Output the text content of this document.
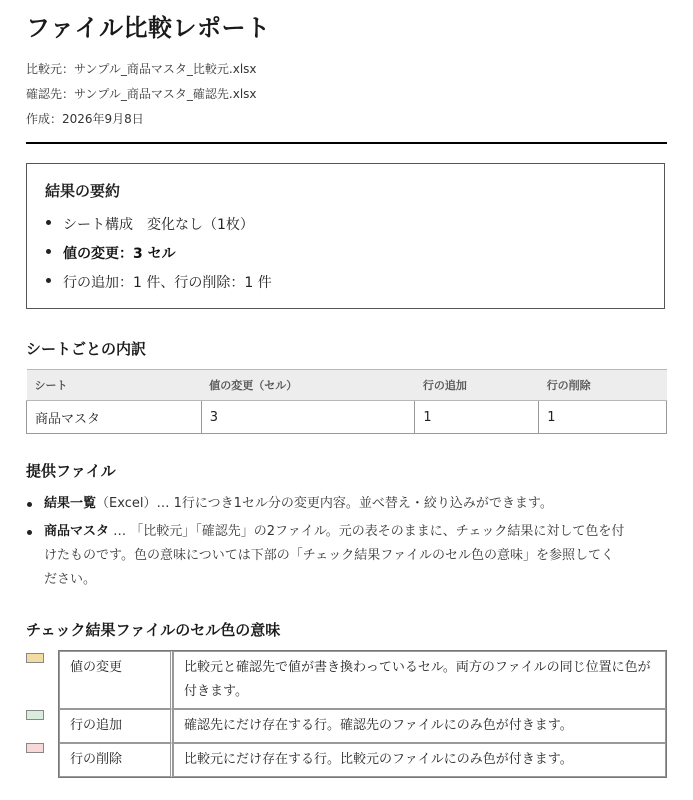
ファイル比較レポート
比較元：サンプル_商品マスタ_比較元.xlsx
確認先：サンプル_商品マスタ_確認先.xlsx
作成：2026年9月8日
結果の要約
シート構成　変化なし（1枚）
値の変更：3 セル
行の追加：1 件、行の削除：1 件
シートごとの内訳
シート	値の変更（セル）	行の追加	行の削除
商品マスタ	3	1	1
提供ファイル
結果一覧（Excel）… 1行につき1セル分の変更内容。並べ替え・絞り込みができます。
商品マスタ … 「比較元」「確認先」の2ファイル。元の表そのままに、チェック結果に対して色を付
けたものです。色の意味については下部の「チェック結果ファイルのセル色の意味」を参照してく
ださい。
チェック結果ファイルのセル色の意味
値の変更	比較元と確認先で値が書き換わっているセル。両方のファイルの同じ位置に色が付きます。
行の追加	確認先にだけ存在する行。確認先のファイルにのみ色が付きます。
行の削除	比較元にだけ存在する行。比較元のファイルにのみ色が付きます。
